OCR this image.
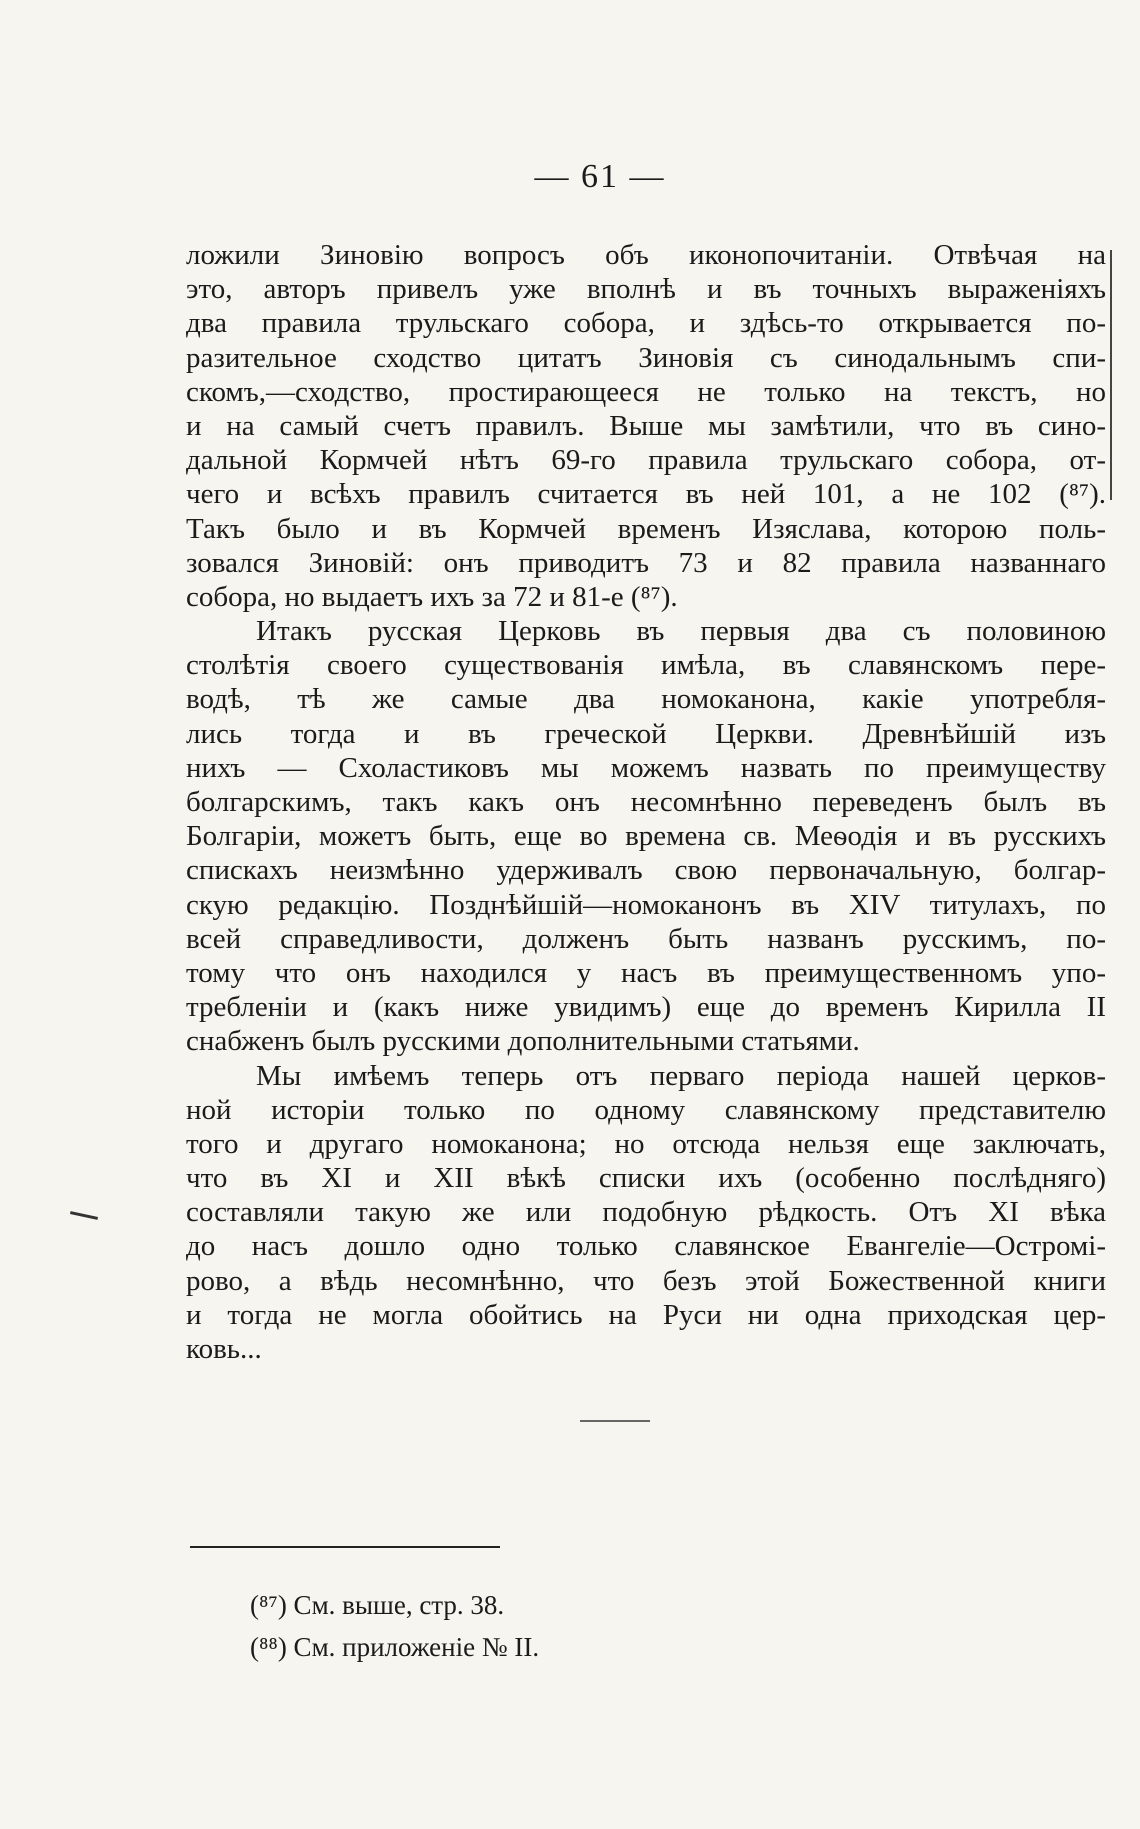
— 61 —
ложили Зиновію вопросъ объ иконопочитаніи. Отвѣчая на
это, авторъ привелъ уже вполнѣ и въ точныхъ выраженіяхъ
два правила трульскаго собора, и здѣсь-то открывается по-
разительное сходство цитатъ Зиновія съ синодальнымъ спи-
скомъ,—сходство, простирающееся не только на текстъ, но
и на самый счетъ правилъ. Выше мы замѣтили, что въ сино-
дальной Кормчей нѣтъ 69-го правила трульскаго собора, от-
чего и всѣхъ правилъ считается въ ней 101, а не 102 (⁸⁷).
Такъ было и въ Кормчей временъ Изяслава, которою поль-
зовался Зиновій: онъ приводитъ 73 и 82 правила названнаго
собора, но выдаетъ ихъ за 72 и 81-е (⁸⁷).
Итакъ русская Церковь въ первыя два съ половиною
столѣтія своего существованія имѣла, въ славянскомъ пере-
водѣ, тѣ же самые два номоканона, какіе употребля-
лись тогда и въ греческой Церкви. Древнѣйшій изъ
нихъ — Схоластиковъ мы можемъ назвать по преимуществу
болгарскимъ, такъ какъ онъ несомнѣнно переведенъ былъ въ
Болгаріи, можетъ быть, еще во времена св. Меѳодія и въ русскихъ
спискахъ неизмѣнно удерживалъ свою первоначальную, болгар-
скую редакцію. Позднѣйшій—номоканонъ въ XIV титулахъ, по
всей справедливости, долженъ быть названъ русскимъ, по-
тому что онъ находился у насъ въ преимущественномъ упо-
требленіи и (какъ ниже увидимъ) еще до временъ Кирилла II
снабженъ былъ русскими дополнительными статьями.
Мы имѣемъ теперь отъ перваго періода нашей церков-
ной исторіи только по одному славянскому представителю
того и другаго номоканона; но отсюда нельзя еще заключать,
что въ XI и XII вѣкѣ списки ихъ (особенно послѣдняго)
составляли такую же или подобную рѣдкость. Отъ XI вѣка
до насъ дошло одно только славянское Евангеліе—Остромі-
рово, а вѣдь несомнѣнно, что безъ этой Божественной книги
и тогда не могла обойтись на Руси ни одна приходская цер-
ковь...
(⁸⁷) См. выше, стр. 38.
(⁸⁸) См. приложеніе № II.
